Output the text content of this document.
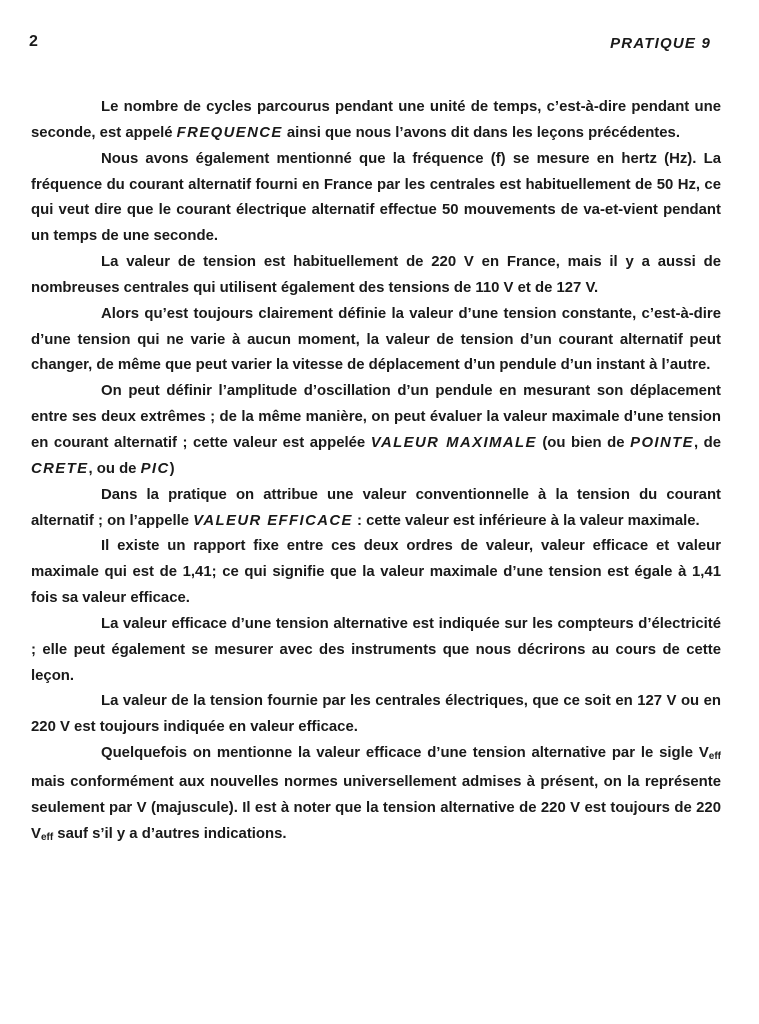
2	PRATIQUE 9

Le nombre de cycles parcourus pendant une unité de temps, c’est-à-dire pendant une seconde, est appelé FREQUENCE ainsi que nous l’avons dit dans les leçons précédentes.

Nous avons également mentionné que la fréquence (f) se mesure en hertz (Hz). La fréquence du courant alternatif fourni en France par les centrales est habituellement de 50 Hz, ce qui veut dire que le courant électrique alternatif effectue 50 mouvements de va-et-vient pendant un temps de une seconde.

La valeur de tension est habituellement de 220 V en France, mais il y a aussi de nombreuses centrales qui utilisent également des tensions de 110 V et de 127 V.

Alors qu’est toujours clairement définie la valeur d’une tension constante, c’est-à-dire d’une tension qui ne varie à aucun moment, la valeur de tension d’un courant alternatif peut changer, de même que peut varier la vitesse de déplacement d’un pendule d’un instant à l’autre.

On peut définir l’amplitude d’oscillation d’un pendule en mesurant son déplacement entre ses deux extrêmes ; de la même manière, on peut évaluer la valeur maximale d’une tension en courant alternatif ; cette valeur est appelée VALEUR MAXIMALE (ou bien de POINTE, de CRETE, ou de PIC)

Dans la pratique on attribue une valeur conventionnelle à la tension du courant alternatif ; on l’appelle VALEUR EFFICACE : cette valeur est inférieure à la valeur maximale.

Il existe un rapport fixe entre ces deux ordres de valeur, valeur efficace et valeur maximale qui est de 1,41; ce qui signifie que la valeur maximale d’une tension est égale à 1,41 fois sa valeur efficace.

La valeur efficace d’une tension alternative est indiquée sur les compteurs d’électricité ; elle peut également se mesurer avec des instruments que nous décrirons au cours de cette leçon.

La valeur de la tension fournie par les centrales électriques, que ce soit en 127 V ou en 220 V est toujours indiquée en valeur efficace.

Quelquefois on mentionne la valeur efficace d’une tension alternative par le sigle $V_{eff}$ mais conformément aux nouvelles normes universellement admises à présent, on la représente seulement par V (majuscule). Il est à noter que la tension alternative de 220 V est toujours de 220 $V_{eff}$ sauf s’il y a d’autres indications.
